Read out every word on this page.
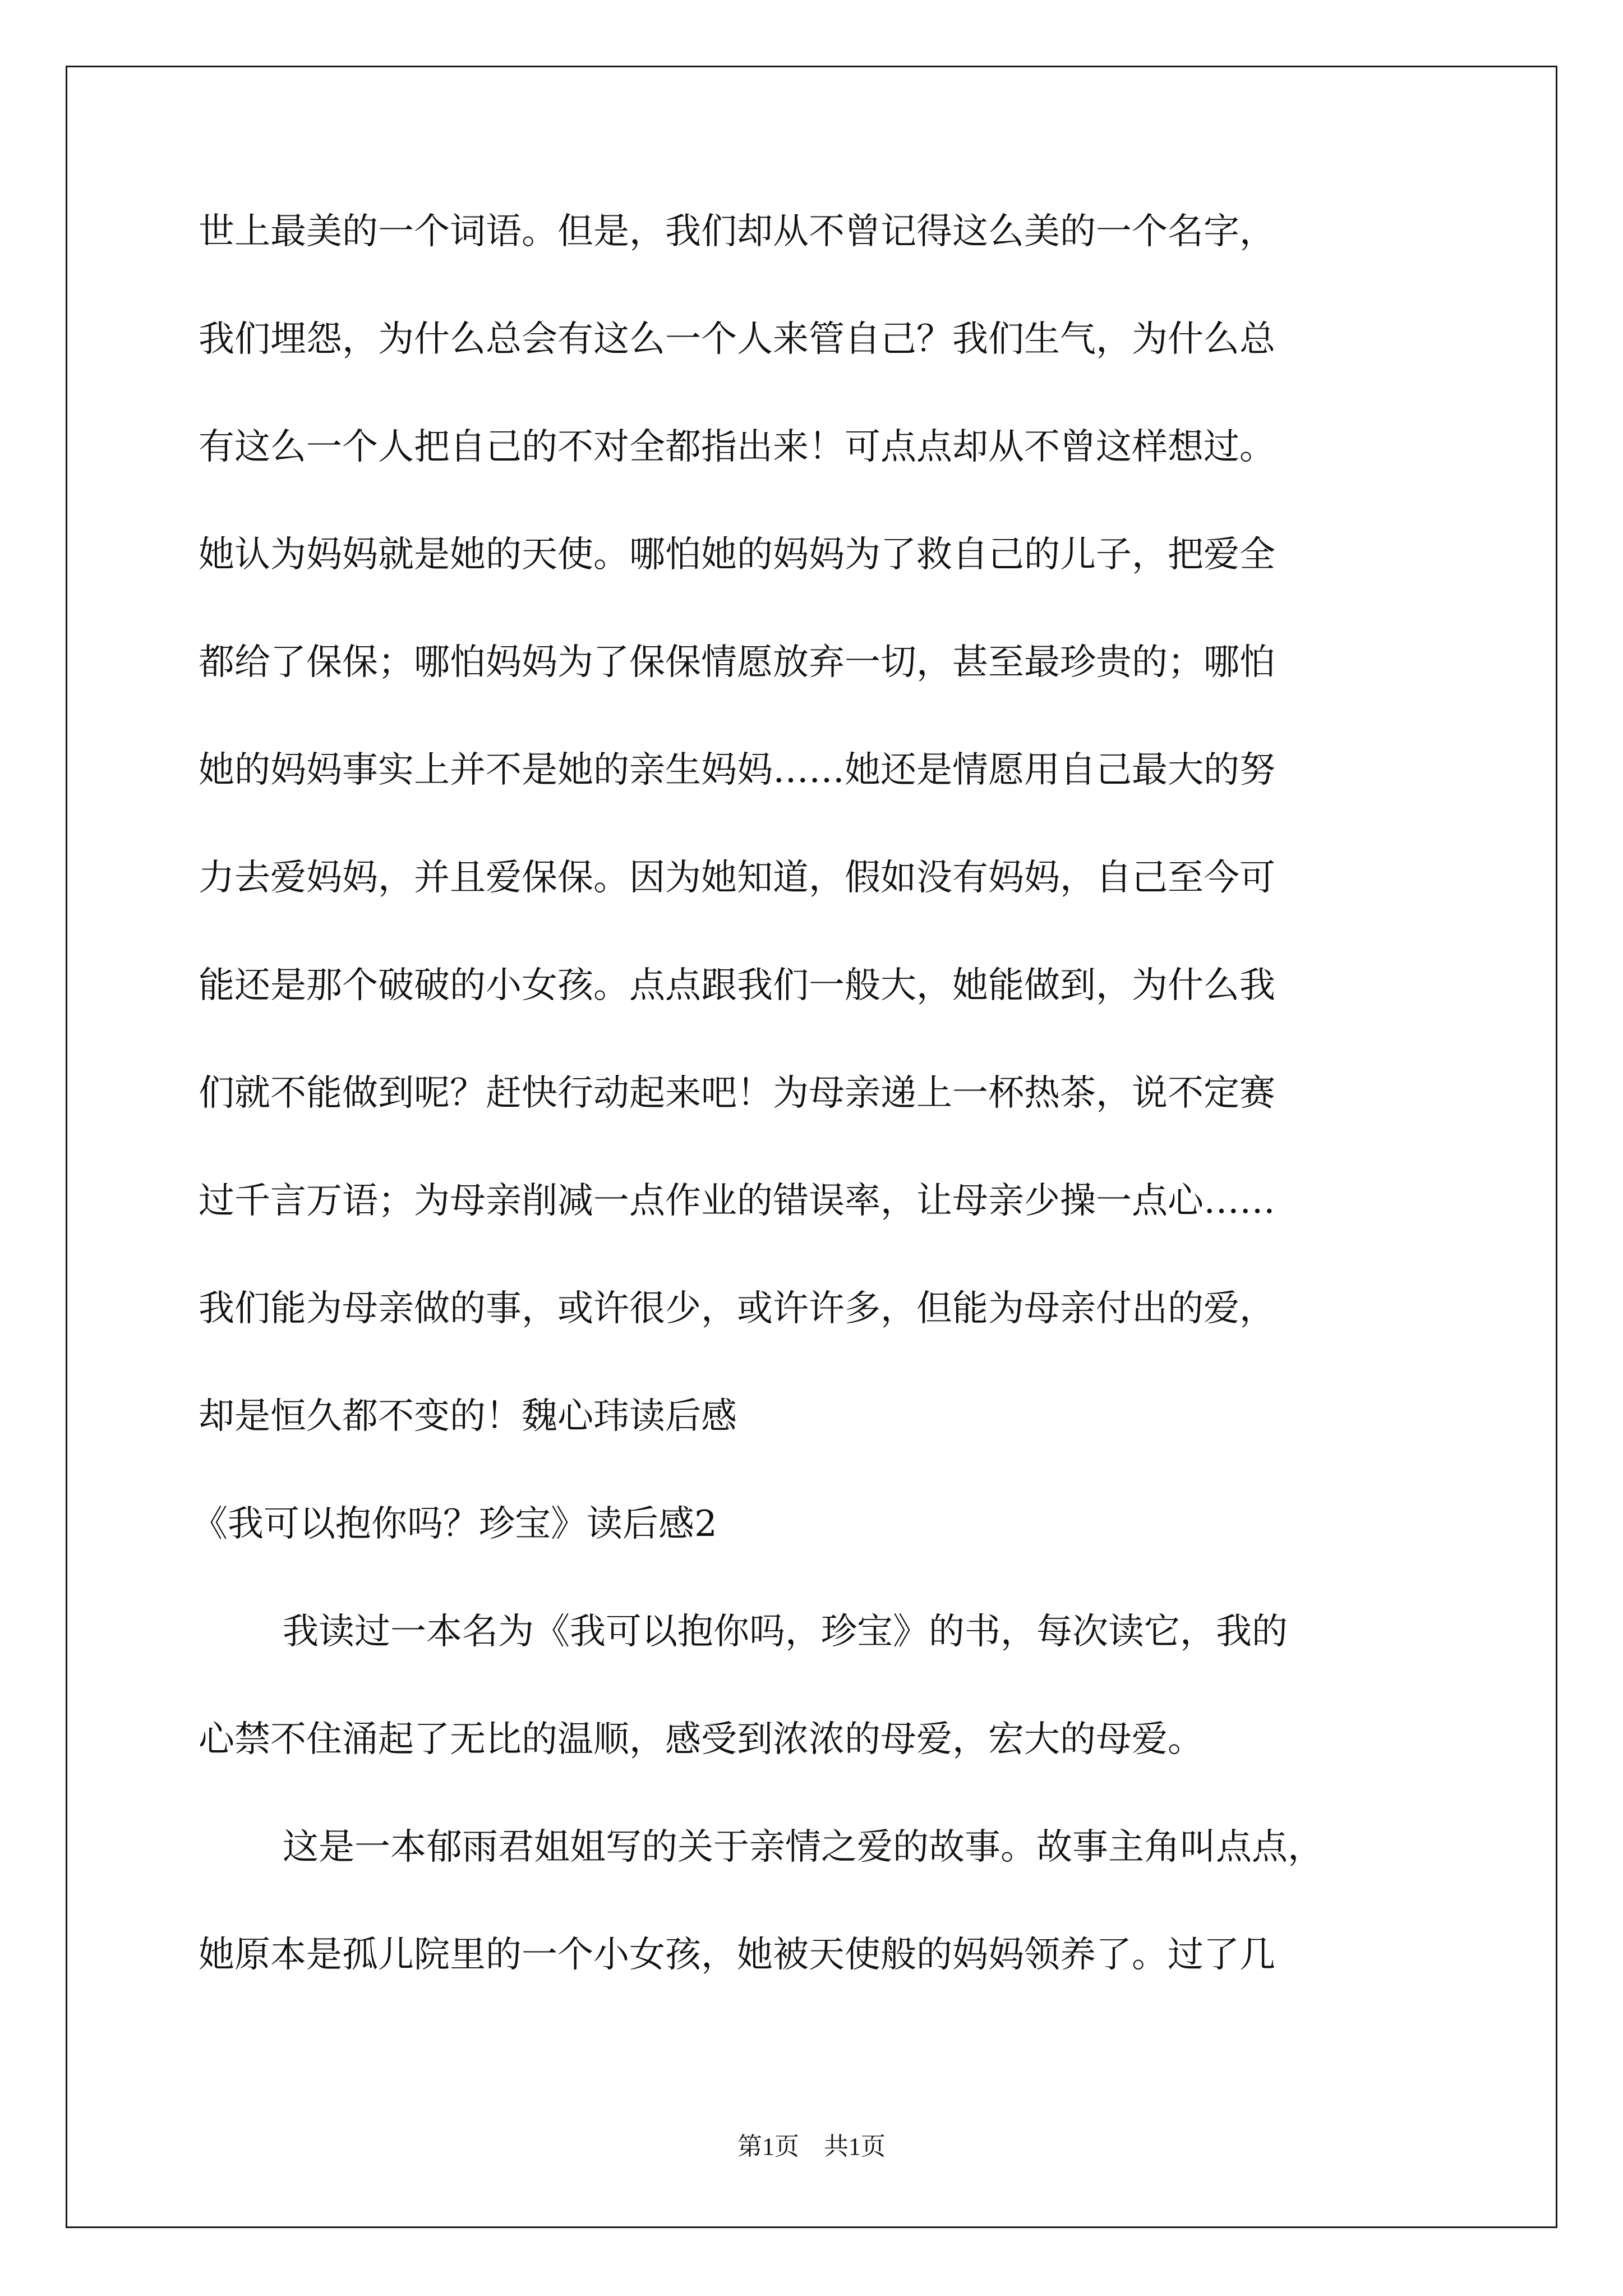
世上最美的一个词语。但是，我们却从不曾记得这么美的一个名字，
我们埋怨，为什么总会有这么一个人来管自己？我们生气，为什么总
有这么一个人把自己的不对全都指出来！可点点却从不曾这样想过。
她认为妈妈就是她的天使。哪怕她的妈妈为了救自己的儿子，把爱全
都给了保保；哪怕妈妈为了保保情愿放弃一切，甚至最珍贵的；哪怕
她的妈妈事实上并不是她的亲生妈妈……她还是情愿用自己最大的努
力去爱妈妈，并且爱保保。因为她知道，假如没有妈妈，自己至今可
能还是那个破破的小女孩。点点跟我们一般大，她能做到，为什么我
们就不能做到呢？赶快行动起来吧！为母亲递上一杯热茶，说不定赛
过千言万语；为母亲削减一点作业的错误率，让母亲少操一点心……
我们能为母亲做的事，或许很少，或许许多，但能为母亲付出的爱，
却是恒久都不变的！魏心玮读后感
《我可以抱你吗？珍宝》读后感2
我读过一本名为《我可以抱你吗，珍宝》的书，每次读它，我的
心禁不住涌起了无比的温顺，感受到浓浓的母爱，宏大的母爱。
这是一本郁雨君姐姐写的关于亲情之爱的故事。故事主角叫点点，
她原本是孤儿院里的一个小女孩，她被天使般的妈妈领养了。过了几
第1页　共1页
